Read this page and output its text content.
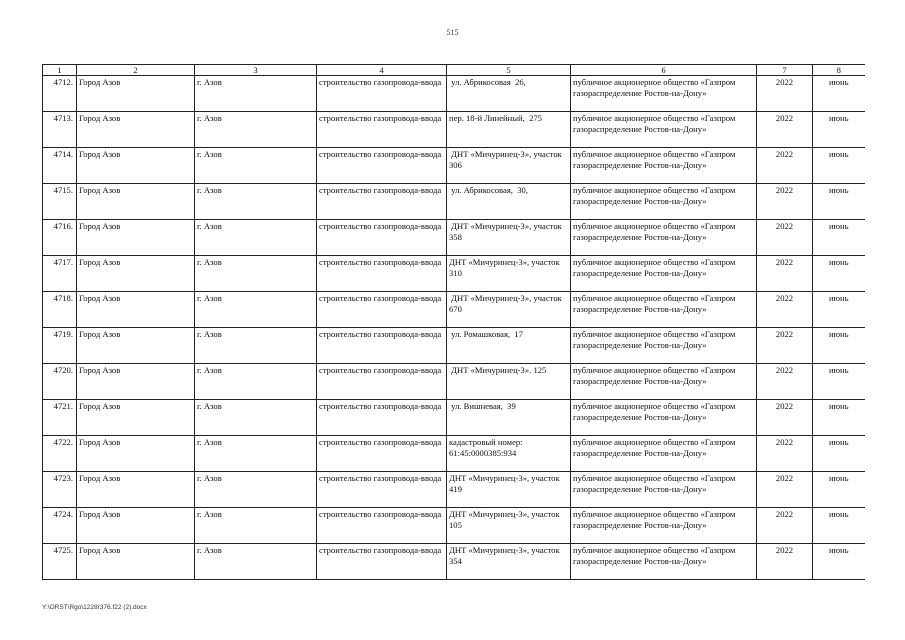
515
1	2	3	4	5	6	7	8
4712.	Город Азов	г. Азов	строительство газопровода-ввода	ул. Абрикосовая  26,	публичное акционерное общество «Газпром газораспределение Ростов-на-Дону»	2022	июнь
4713.	Город Азов	г. Азов	строительство газопровода-ввода	пер. 18-й Линейный,  275	публичное акционерное общество «Газпром газораспределение Ростов-на-Дону»	2022	июнь
4714.	Город Азов	г. Азов	строительство газопровода-ввода	ДНТ «Мичуринец-3», участок 306	публичное акционерное общество «Газпром газораспределение Ростов-на-Дону»	2022	июнь
4715.	Город Азов	г. Азов	строительство газопровода-ввода	ул. Абрикосовая,  30,	публичное акционерное общество «Газпром газораспределение Ростов-на-Дону»	2022	июнь
4716.	Город Азов	г. Азов	строительство газопровода-ввода	ДНТ «Мичуринец-3», участок 358	публичное акционерное общество «Газпром газораспределение Ростов-на-Дону»	2022	июнь
4717.	Город Азов	г. Азов	строительство газопровода-ввода	ДНТ «Мичуринец-3», участок 310	публичное акционерное общество «Газпром газораспределение Ростов-на-Дону»	2022	июнь
4718.	Город Азов	г. Азов	строительство газопровода-ввода	ДНТ «Мичуринец-3», участок 670	публичное акционерное общество «Газпром газораспределение Ростов-на-Дону»	2022	июнь
4719.	Город Азов	г. Азов	строительство газопровода-ввода	ул. Ромашковая,  17	публичное акционерное общество «Газпром газораспределение Ростов-на-Дону»	2022	июнь
4720.	Город Азов	г. Азов	строительство газопровода-ввода	ДНТ «Мичуринец-3». 125	публичное акционерное общество «Газпром газораспределение Ростов-на-Дону»	2022	июнь
4721.	Город Азов	г. Азов	строительство газопровода-ввода	ул. Вишневая,  39	публичное акционерное общество «Газпром газораспределение Ростов-на-Дону»	2022	июнь
4722.	Город Азов	г. Азов	строительство газопровода-ввода	кадастровый номер: 61:45:0000385:934	публичное акционерное общество «Газпром газораспределение Ростов-на-Дону»	2022	июнь
4723.	Город Азов	г. Азов	строительство газопровода-ввода	ДНТ «Мичуринец-3», участок  419	публичное акционерное общество «Газпром газораспределение Ростов-на-Дону»	2022	июнь
4724.	Город Азов	г. Азов	строительство газопровода-ввода	ДНТ «Мичуринец-3», участок 105	публичное акционерное общество «Газпром газораспределение Ростов-на-Дону»	2022	июнь
4725.	Город Азов	г. Азов	строительство газопровода-ввода	ДНТ «Мичуринец-3», участок 354	публичное акционерное общество «Газпром газораспределение Ростов-на-Дону»	2022	июнь
Y:\ORST\Rgo\1228r376.f22 (2).docx
